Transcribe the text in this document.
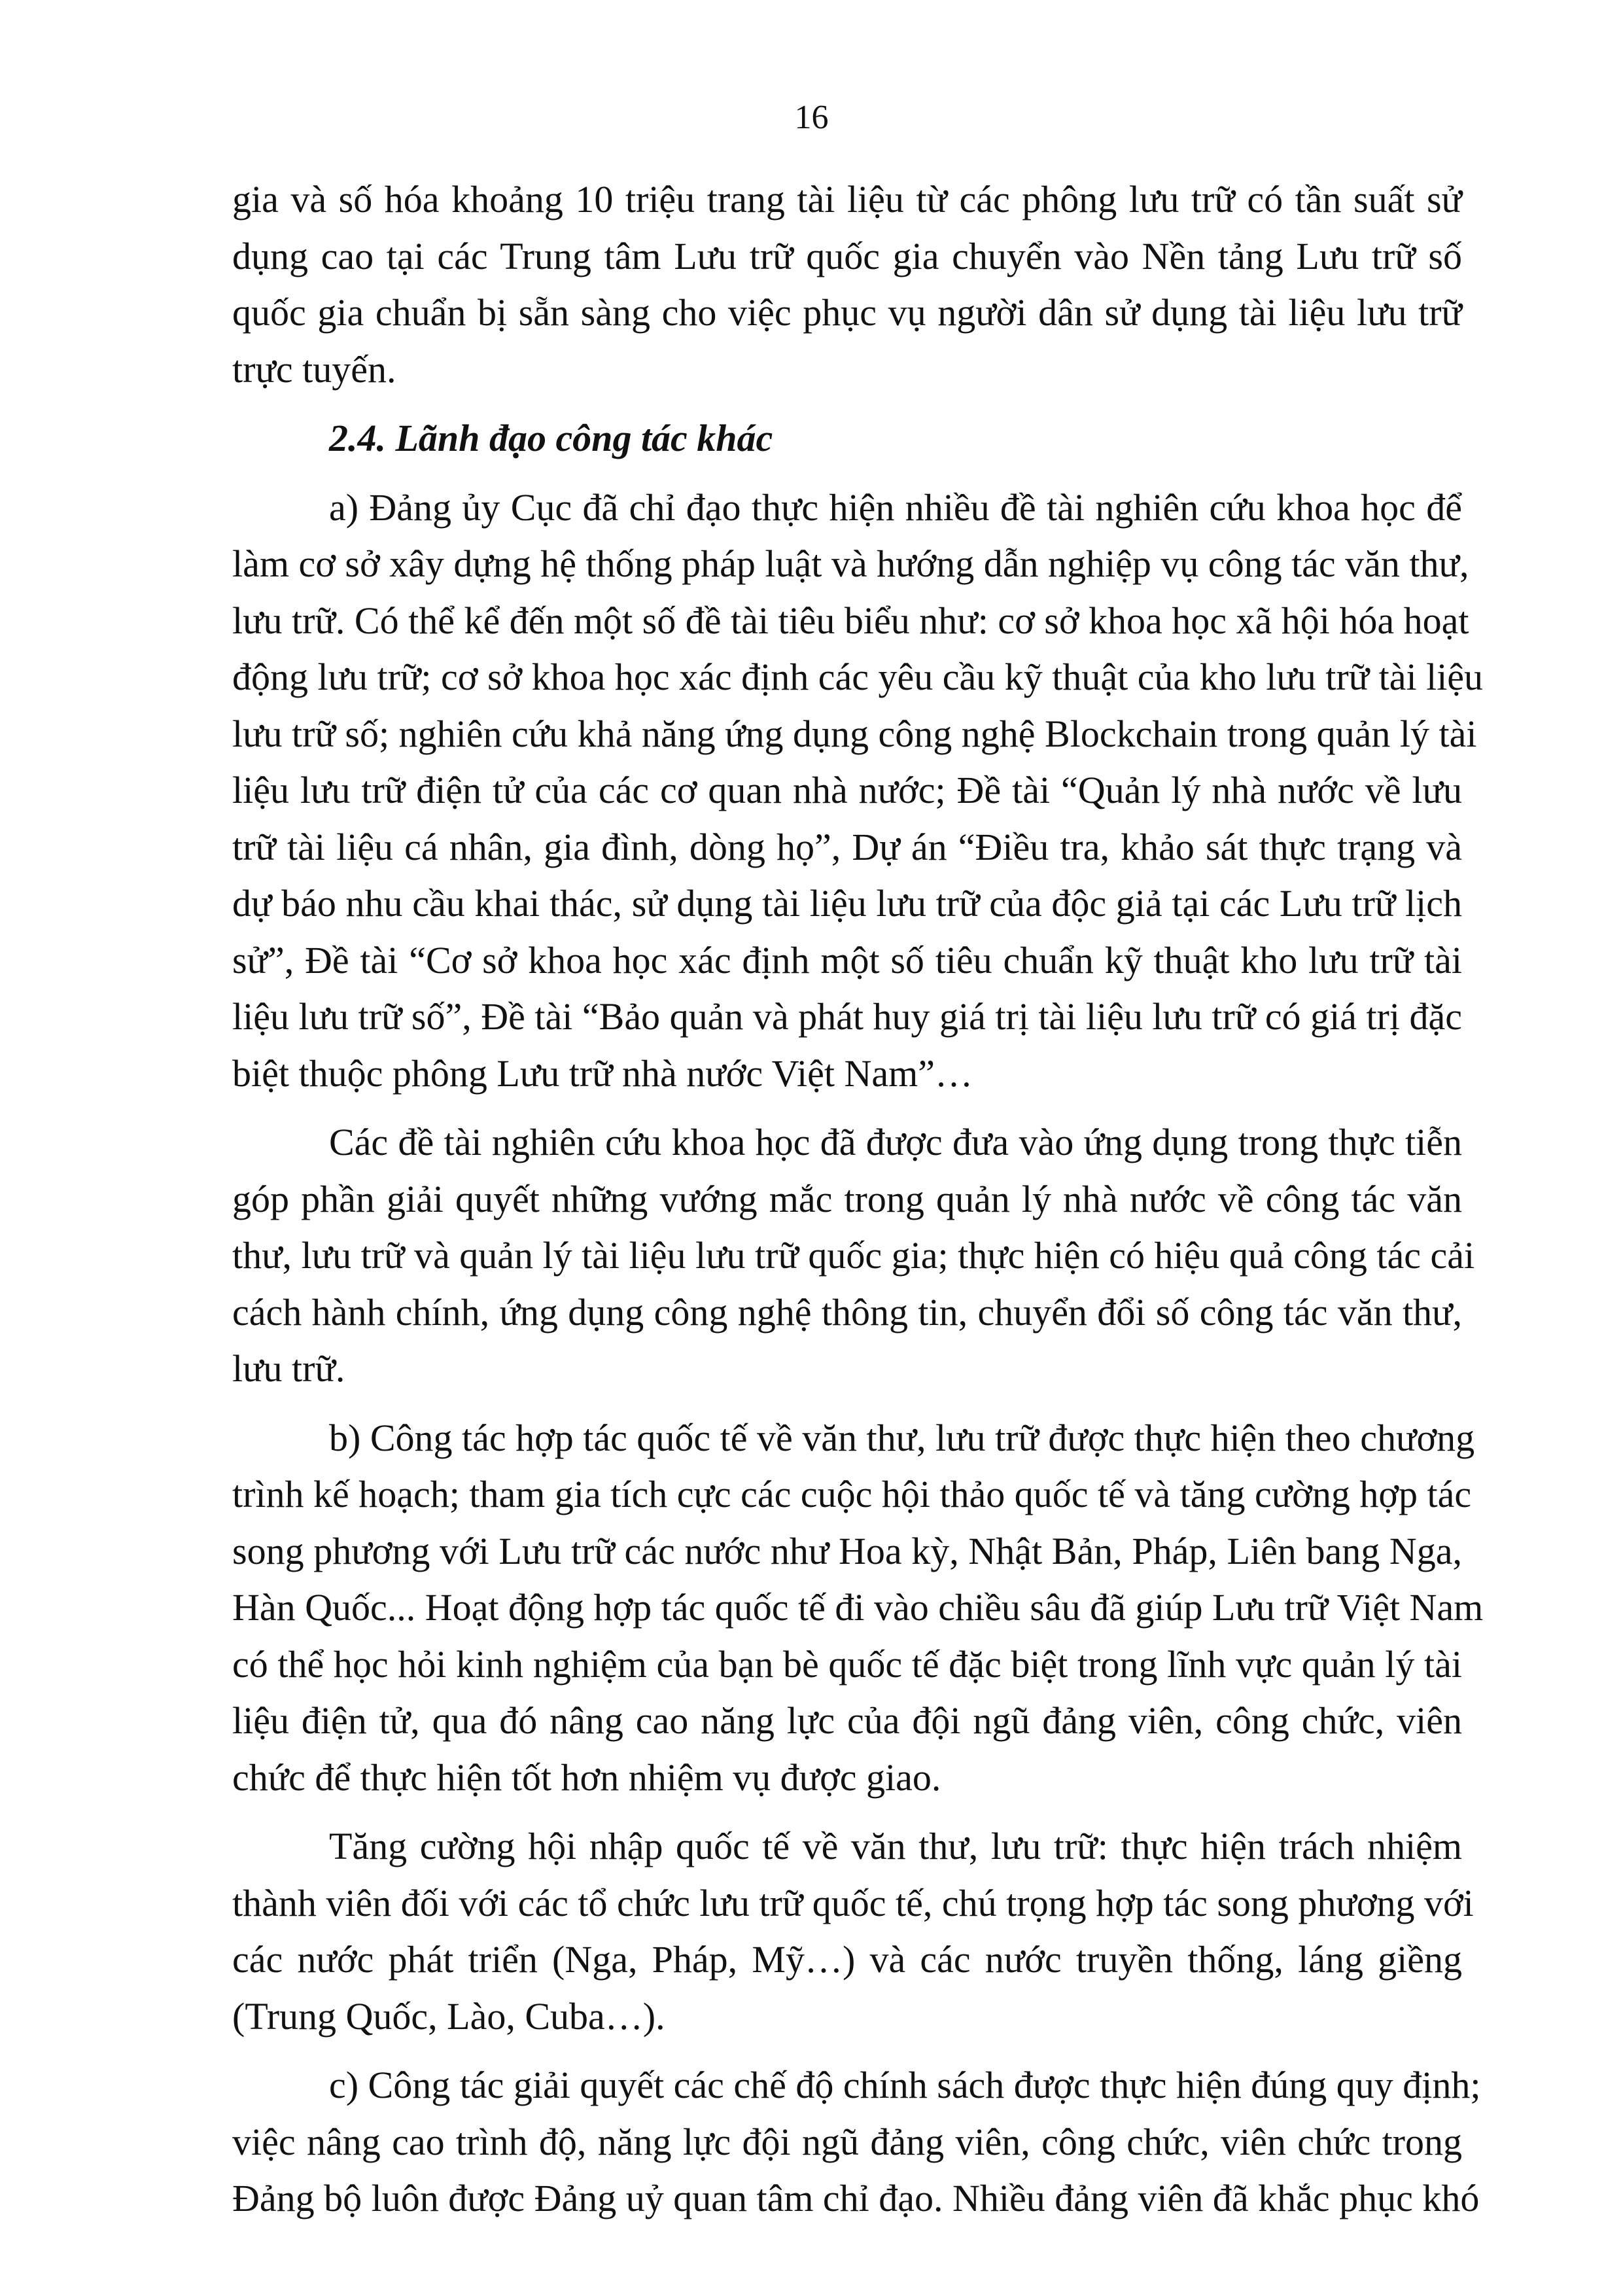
16
gia và số hóa khoảng 10 triệu trang tài liệu từ các phông lưu trữ có tần suất sử
dụng cao tại các Trung tâm Lưu trữ quốc gia chuyển vào Nền tảng Lưu trữ số
quốc gia chuẩn bị sẵn sàng cho việc phục vụ người dân sử dụng tài liệu lưu trữ
trực tuyến.
2.4. Lãnh đạo công tác khác
a) Đảng ủy Cục đã chỉ đạo thực hiện nhiều đề tài nghiên cứu khoa học để
làm cơ sở xây dựng hệ thống pháp luật và hướng dẫn nghiệp vụ công tác văn thư,
lưu trữ. Có thể kể đến một số đề tài tiêu biểu như: cơ sở khoa học xã hội hóa hoạt
động lưu trữ; cơ sở khoa học xác định các yêu cầu kỹ thuật của kho lưu trữ tài liệu
lưu trữ số; nghiên cứu khả năng ứng dụng công nghệ Blockchain trong quản lý tài
liệu lưu trữ điện tử của các cơ quan nhà nước; Đề tài “Quản lý nhà nước về lưu
trữ tài liệu cá nhân, gia đình, dòng họ”, Dự án “Điều tra, khảo sát thực trạng và
dự báo nhu cầu khai thác, sử dụng tài liệu lưu trữ của độc giả tại các Lưu trữ lịch
sử”, Đề tài “Cơ sở khoa học xác định một số tiêu chuẩn kỹ thuật kho lưu trữ tài
liệu lưu trữ số”, Đề tài “Bảo quản và phát huy giá trị tài liệu lưu trữ có giá trị đặc
biệt thuộc phông Lưu trữ nhà nước Việt Nam”…
Các đề tài nghiên cứu khoa học đã được đưa vào ứng dụng trong thực tiễn
góp phần giải quyết những vướng mắc trong quản lý nhà nước về công tác văn
thư, lưu trữ và quản lý tài liệu lưu trữ quốc gia; thực hiện có hiệu quả công tác cải
cách hành chính, ứng dụng công nghệ thông tin, chuyển đổi số công tác văn thư,
lưu trữ.
b) Công tác hợp tác quốc tế về văn thư, lưu trữ được thực hiện theo chương
trình kế hoạch; tham gia tích cực các cuộc hội thảo quốc tế và tăng cường hợp tác
song phương với Lưu trữ các nước như Hoa kỳ, Nhật Bản, Pháp, Liên bang Nga,
Hàn Quốc... Hoạt động hợp tác quốc tế đi vào chiều sâu đã giúp Lưu trữ Việt Nam
có thể học hỏi kinh nghiệm của bạn bè quốc tế đặc biệt trong lĩnh vực quản lý tài
liệu điện tử, qua đó nâng cao năng lực của đội ngũ đảng viên, công chức, viên
chức để thực hiện tốt hơn nhiệm vụ được giao.
Tăng cường hội nhập quốc tế về văn thư, lưu trữ: thực hiện trách nhiệm
thành viên đối với các tổ chức lưu trữ quốc tế, chú trọng hợp tác song phương với
các nước phát triển (Nga, Pháp, Mỹ…) và các nước truyền thống, láng giềng
(Trung Quốc, Lào, Cuba…).
c) Công tác giải quyết các chế độ chính sách được thực hiện đúng quy định;
việc nâng cao trình độ, năng lực đội ngũ đảng viên, công chức, viên chức trong
Đảng bộ luôn được Đảng uỷ quan tâm chỉ đạo. Nhiều đảng viên đã khắc phục khó
